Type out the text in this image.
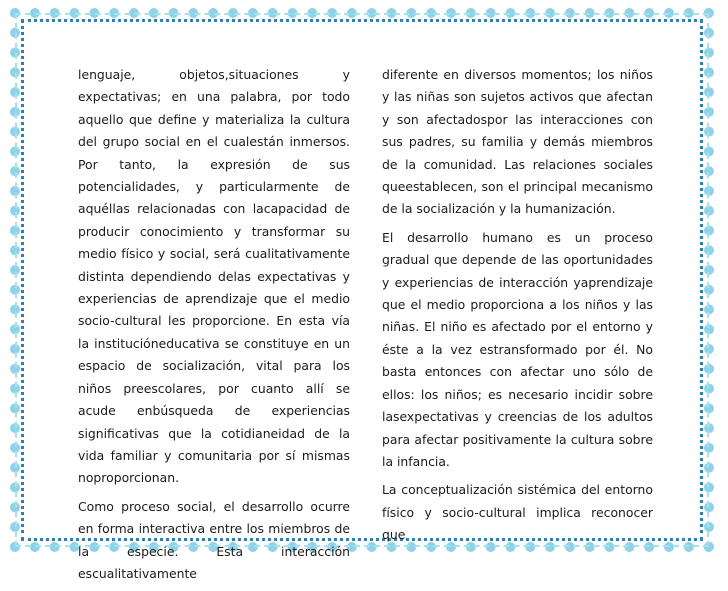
lenguaje, objetos,situaciones y expectativas; en una palabra, por todo aquello que define y materializa la cultura del grupo social en el cualestán inmersos. Por tanto, la expresión de sus potencialidades, y particularmente de aquéllas relacionadas con lacapacidad de producir conocimiento y transformar su medio físico y social, será cualitativamente distinta dependiendo delas expectativas y experiencias de aprendizaje que el medio socio-cultural les proporcione. En esta vía la instituciónеducativa se constituye en un espacio de socialización, vital para los niños preescolares, por cuanto allí se acude enbúsqueda de experiencias significativas que la cotidianeidad de la vida familiar y comunitaria por sí mismas noproporcionan.

Como proceso social, el desarrollo ocurre en forma interactiva entre los miembros de la especie. Esta interacción escualitativamente

diferente en diversos momentos; los niños y las niñas son sujetos activos que afectan y son afectadospor las interacciones con sus padres, su familia y demás miembros de la comunidad. Las relaciones sociales queestablecen, son el principal mecanismo de la socialización y la humanización.

El desarrollo humano es un proceso gradual que depende de las oportunidades y experiencias de interacción yaprendizaje que el medio proporciona a los niños y las niñas. El niño es afectado por el entorno y éste a la vez estransformado por él. No basta entonces con afectar uno sólo de ellos: los niños; es necesario incidir sobre lasexpectativas y creencias de los adultos para afectar positivamente la cultura sobre la infancia.

La conceptualización sistémica del entorno físico y socio-cultural implica reconocer que
